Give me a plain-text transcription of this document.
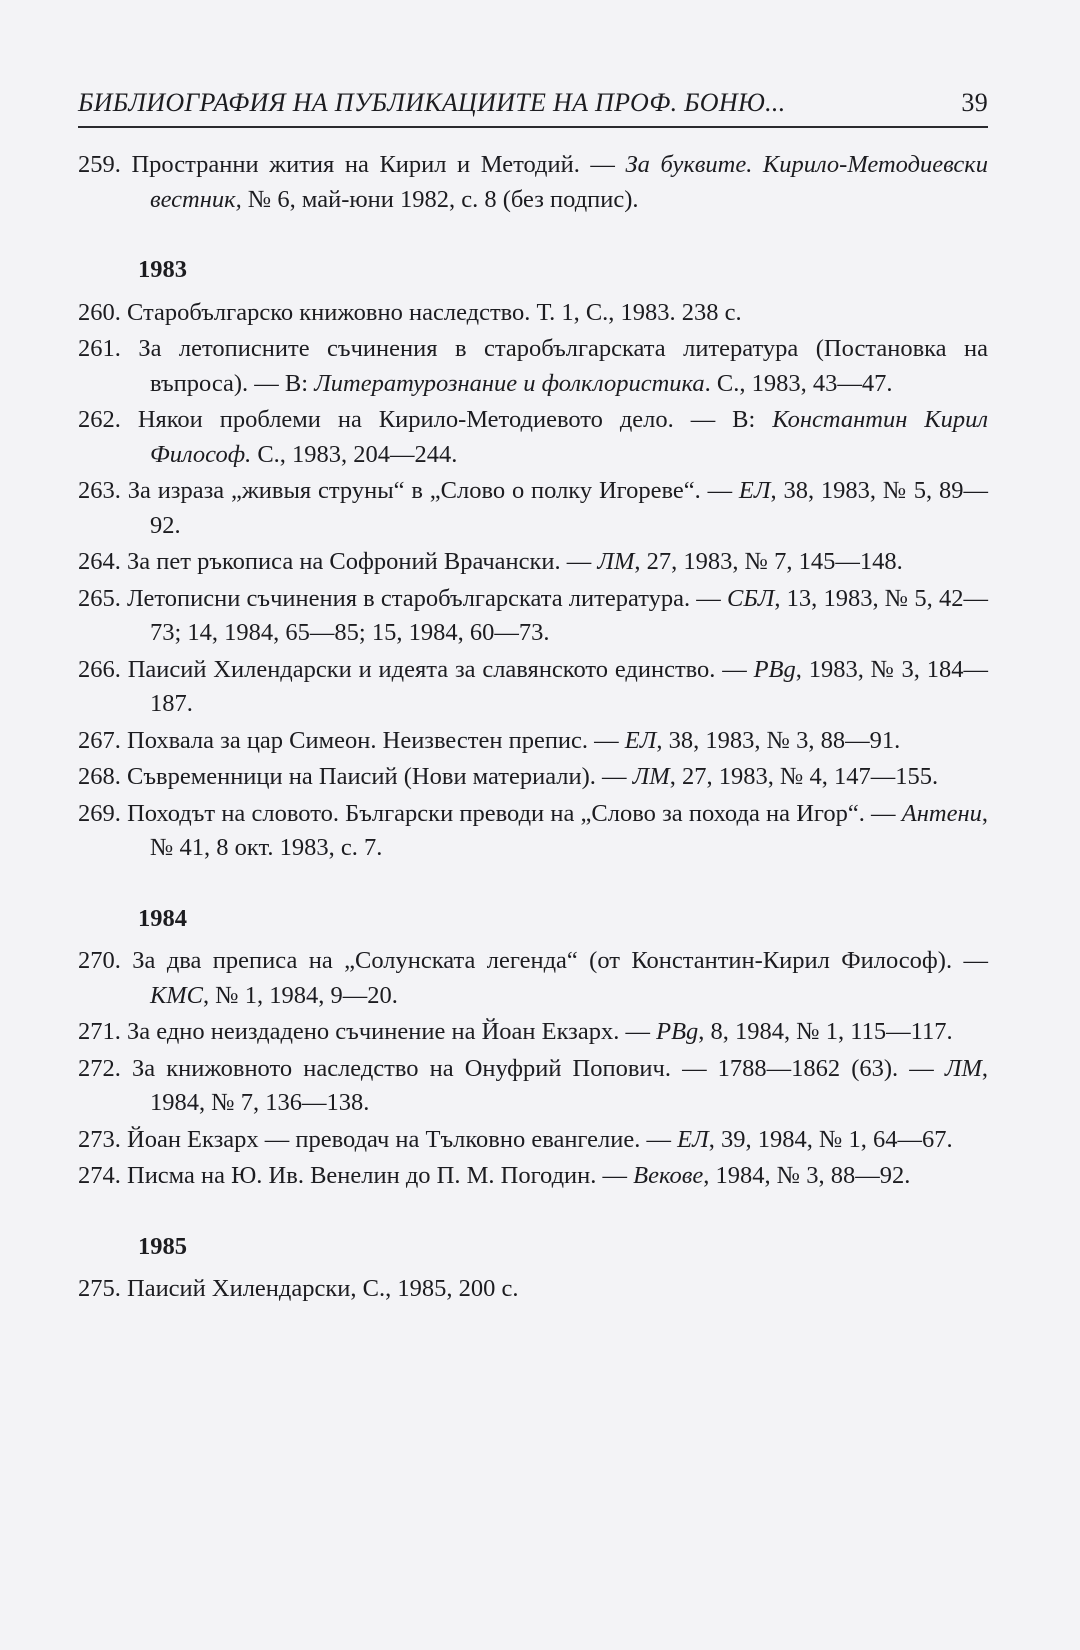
БИБЛИОГРАФИЯ НА ПУБЛИКАЦИИТЕ НА ПРОФ. БОНЮ...	39

259. Пространни жития на Кирил и Методий. — За буквите. Кирило-Методиевски вестник, № 6, май-юни 1982, с. 8 (без подпис).

1983

260. Старобългарско книжовно наследство. Т. 1, С., 1983. 238 с.

261. За летописните съчинения в старобългарската литература (Постановка на въпроса). — В: Литературознание и фолклористика. С., 1983, 43—47.

262. Някои проблеми на Кирило-Методиевото дело. — В: Константин Кирил Философ. С., 1983, 204—244.

263. За израза „живыя струны“ в „Слово о полку Игореве“. — ЕЛ, 38, 1983, № 5, 89—92.

264. За пет ръкописа на Софроний Врачански. — ЛМ, 27, 1983, № 7, 145—148.

265. Летописни съчинения в старобългарската литература. — СБЛ, 13, 1983, № 5, 42—73; 14, 1984, 65—85; 15, 1984, 60—73.

266. Паисий Хилендарски и идеята за славянското единство. — PBg, 1983, № 3, 184—187.

267. Похвала за цар Симеон. Неизвестен препис. — ЕЛ, 38, 1983, № 3, 88—91.

268. Съвременници на Паисий (Нови материали). — ЛМ, 27, 1983, № 4, 147—155.

269. Походът на словото. Български преводи на „Слово за похода на Игор“. — Антени, № 41, 8 окт. 1983, с. 7.

1984

270. За два преписа на „Солунската легенда“ (от Константин-Кирил Философ). — КМС, № 1, 1984, 9—20.

271. За едно неиздадено съчинение на Йоан Екзарх. — PBg, 8, 1984, № 1, 115—117.

272. За книжовното наследство на Онуфрий Попович. — 1788—1862 (63). — ЛМ, 1984, № 7, 136—138.

273. Йоан Екзарх — преводач на Тълковно евангелие. — ЕЛ, 39, 1984, № 1, 64—67.

274. Писма на Ю. Ив. Венелин до П. М. Погодин. — Векове, 1984, № 3, 88—92.

1985

275. Паисий Хилендарски, С., 1985, 200 с.
